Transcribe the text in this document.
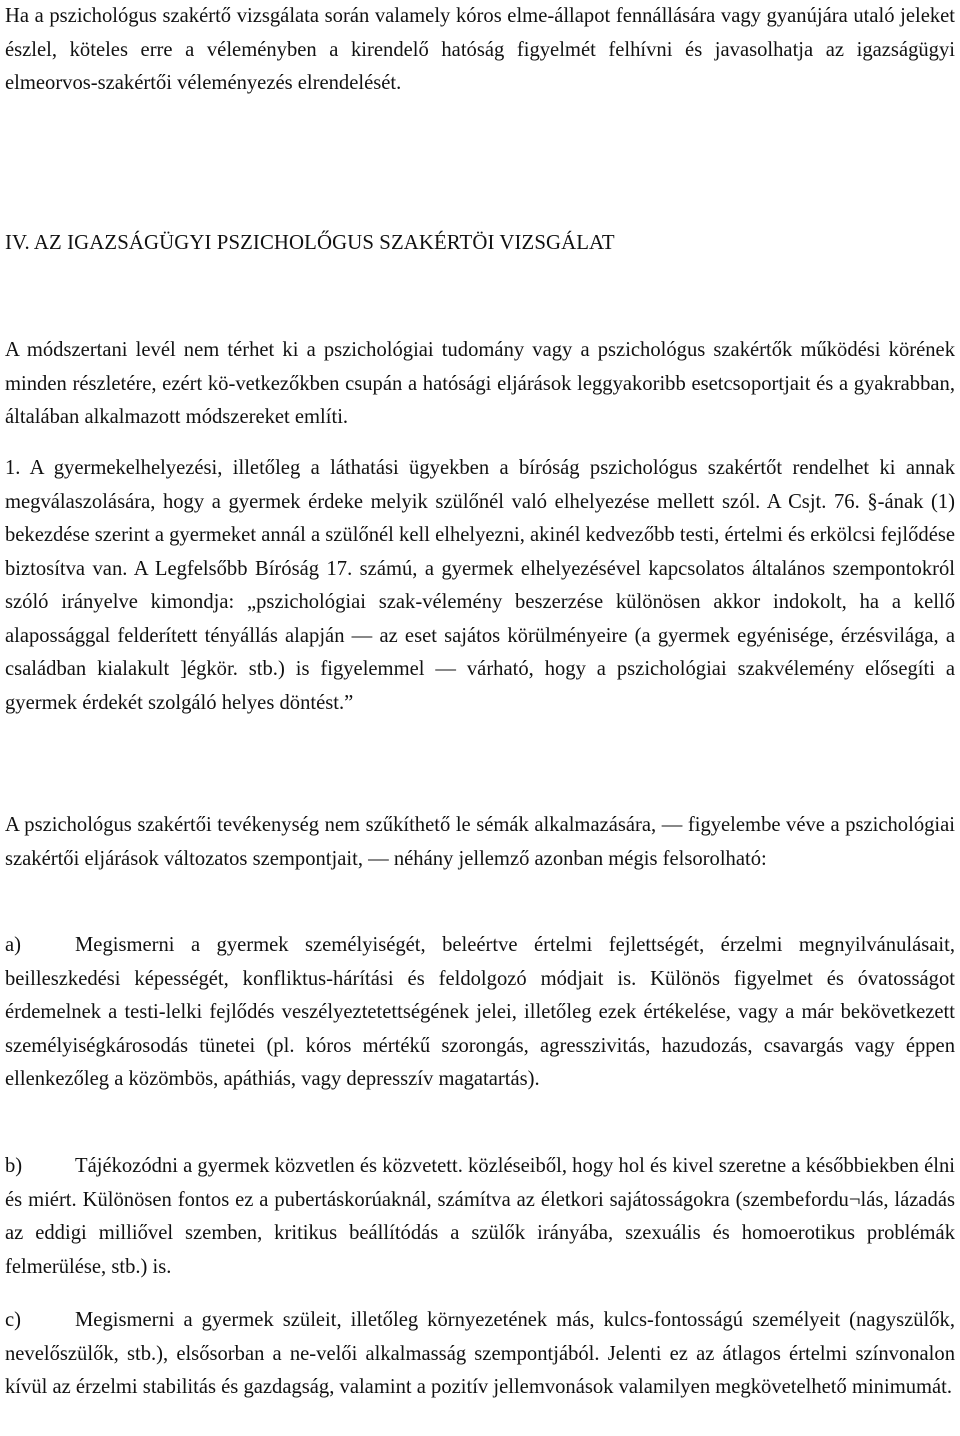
Ha a pszichológus szakértő vizsgálata során valamely kóros elme-állapot fennállására vagy gyanújára utaló jeleket észlel, köteles erre a véleményben a kirendelő hatóság figyelmét felhívni és javasolhatja az igazságügyi elmeorvos-szakértői véleményezés elrendelését.

IV. AZ IGAZSÁGÜGYI PSZICHOLŐGUS SZAKÉRTÖI VIZSGÁLAT

A módszertani levél nem térhet ki a pszichológiai tudomány vagy a pszichológus szakértők működési körének minden részletére, ezért kö-vetkezőkben csupán a hatósági eljárások leggyakoribb esetcsoportjait és a gyakrabban, általában alkalmazott módszereket említi.

1. A gyermekelhelyezési, illetőleg a láthatási ügyekben a bíróság pszichológus szakértőt rendelhet ki annak megválaszolására, hogy a gyermek érdeke melyik szülőnél való elhelyezése mellett szól. A Csjt. 76. §-ának (1) bekezdése szerint a gyermeket annál a szülőnél kell elhelyezni, akinél kedvezőbb testi, értelmi és erkölcsi fejlődése biztosítva van. A Legfelsőbb Bíróság 17. számú, a gyermek elhelyezésével kapcsolatos általános szempontokról szóló irányelve kimondja: „pszichológiai szak-vélemény beszerzése különösen akkor indokolt, ha a kellő alapossággal felderített tényállás alapján — az eset sajátos körülményeire (a gyermek egyénisége, érzésvilága, a családban kialakult ]égkör. stb.) is figyelemmel — várható, hogy a pszichológiai szakvélemény elősegíti a gyermek érdekét szolgáló helyes döntést.”

A pszichológus szakértői tevékenység nem szűkíthető le sémák alkalmazására, — figyelembe véve a pszichológiai szakértői eljárások változatos szempontjait, — néhány jellemző azonban mégis felsorolható:

a)	Megismerni a gyermek személyiségét, beleértve értelmi fejlettségét, érzelmi megnyilvánulásait, beilleszkedési képességét, konfliktus-hárítási és feldolgozó módjait is. Különös figyelmet és óvatosságot érdemelnek a testi-lelki fejlődés veszélyeztetettségének jelei, illetőleg ezek értékelése, vagy a már bekövetkezett személyiségkárosodás tünetei (pl. kóros mértékű szorongás, agresszivitás, hazudozás, csavargás vagy éppen ellenkezőleg a közömbös, apáthiás, vagy depresszív magatartás).

b)	Tájékozódni a gyermek közvetlen és közvetett. közléseiből, hogy hol és kivel szeretne a későbbiekben élni és miért. Különösen fontos ez a pubertáskorúaknál, számítva az életkori sajátosságokra (szembefordu¬lás, lázadás az eddigi milliővel szemben, kritikus beállítódás a szülők irányába, szexuális és homoerotikus problémák felmerülése, stb.) is.

c)	Megismerni a gyermek szüleit, illetőleg környezetének más, kulcs-fontosságú személyeit (nagyszülők, nevelőszülők, stb.), elsősorban a ne-velői alkalmasság szempontjából. Jelenti ez az átlagos értelmi színvonalon kívül az érzelmi stabilitás és gazdagság, valamint a pozitív jellemvonások valamilyen megkövetelhető minimumát.
